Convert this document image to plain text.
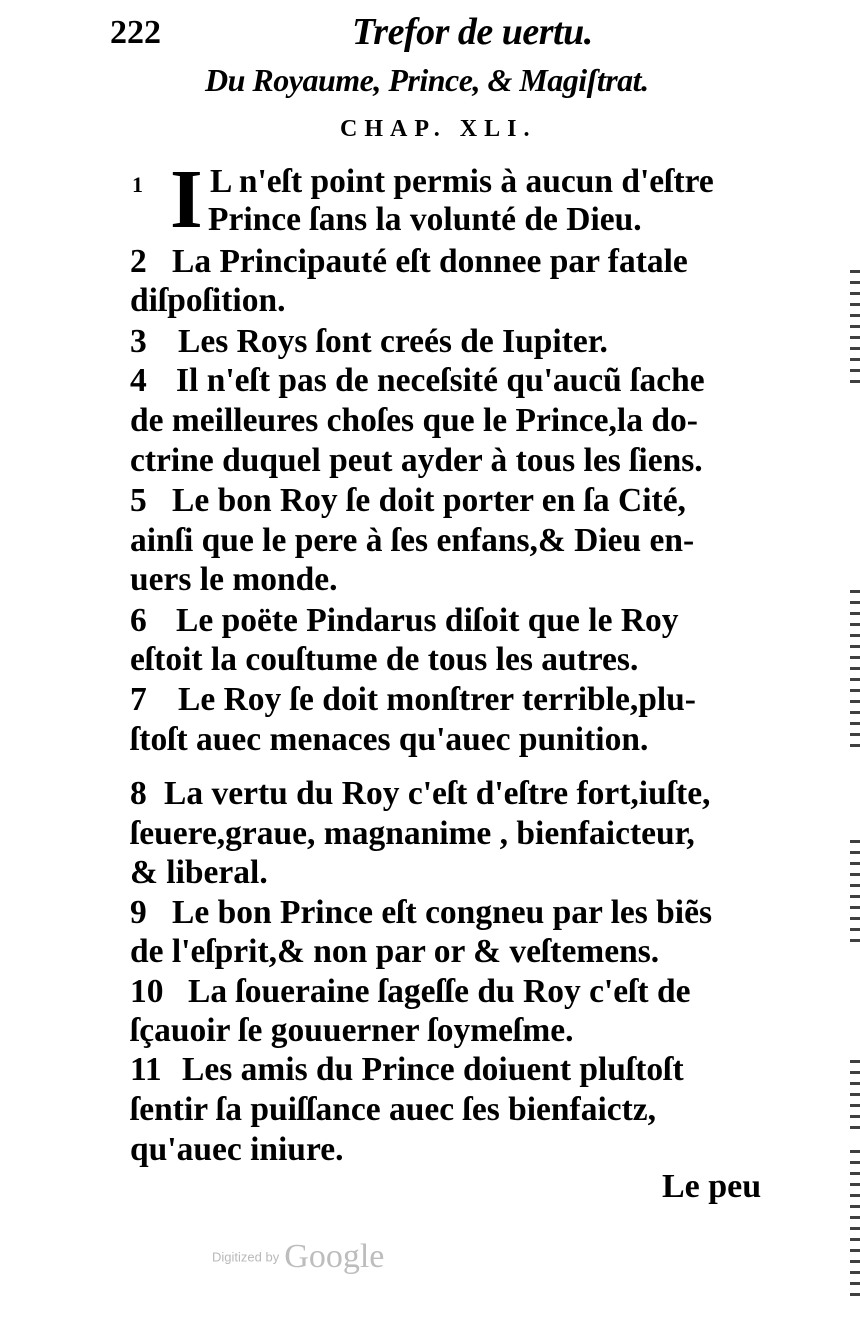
222	Trefor de uertu.
Du Royaume, Prince, & Magiſtrat.
CHAP. XLI.
I
1 L n'eſt point permis à aucun d'eſtre
Prince ſans la volunté de Dieu.
2 La Principauté eſt donnee par fatale
diſpoſition.
3 Les Roys ſont creés de Iupiter.
4 Il n'eſt pas de neceſsité qu'aucũ ſache
de meilleures choſes que le Prince,la do-
ctrine duquel peut ayder à tous les ſiens.
5 Le bon Roy ſe doit porter en ſa Cité,
ainſi que le pere à ſes enfans,& Dieu en-
uers le monde.
6 Le poëte Pindarus diſoit que le Roy
eſtoit la couſtume de tous les autres.
7 Le Roy ſe doit monſtrer terrible,plu-
ſtoſt auec menaces qu'auec punition.
8 La vertu du Roy c'eſt d'eſtre fort,iuſte,
ſeuere,graue, magnanime , bienfaicteur,
& liberal.
9 Le bon Prince eſt congneu par les biẽs
de l'eſprit,& non par or & veſtemens.
10 La ſoueraine ſageſſe du Roy c'eſt de
ſçauoir ſe gouuerner ſoymeſme.
11 Les amis du Prince doiuent pluſtoſt
ſentir ſa puiſſance auec ſes bienfaictz,
qu'auec iniure.
Le peu
Digitized by Google
